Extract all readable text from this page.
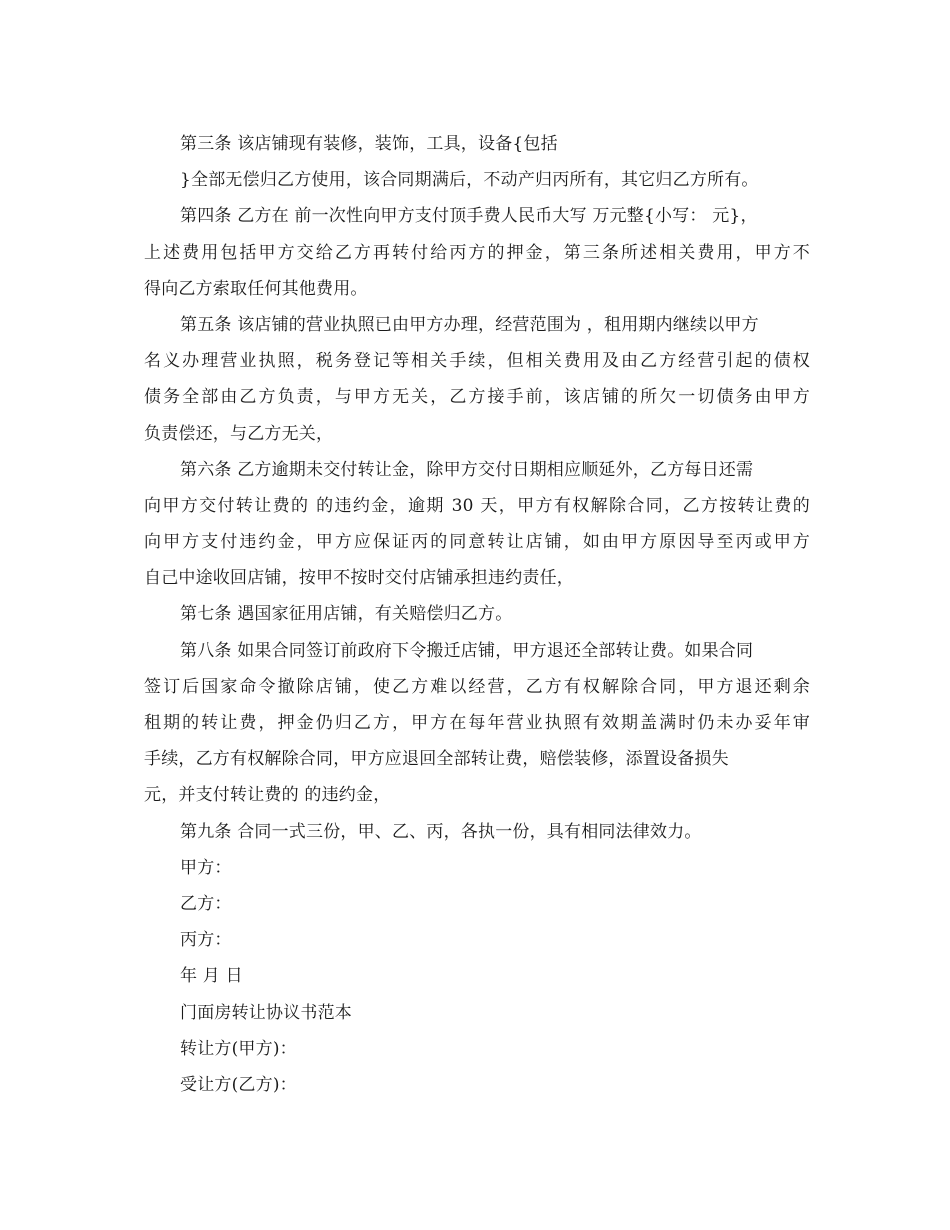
第三条 该店铺现有装修，装饰，工具，设备{包括
}全部无偿归乙方使用，该合同期满后，不动产归丙所有，其它归乙方所有。
第四条 乙方在 前一次性向甲方支付顶手费人民币大写 万元整{小写： 元}，
上述费用包括甲方交给乙方再转付给丙方的押金，第三条所述相关费用，甲方不
得向乙方索取任何其他费用。
第五条 该店铺的营业执照已由甲方办理，经营范围为 ，租用期内继续以甲方
名义办理营业执照，税务登记等相关手续，但相关费用及由乙方经营引起的债权
债务全部由乙方负责，与甲方无关，乙方接手前，该店铺的所欠一切债务由甲方
负责偿还，与乙方无关，
第六条 乙方逾期未交付转让金，除甲方交付日期相应顺延外，乙方每日还需
向甲方交付转让费的 的违约金，逾期 30 天，甲方有权解除合同，乙方按转让费的
向甲方支付违约金，甲方应保证丙的同意转让店铺，如由甲方原因导至丙或甲方
自己中途收回店铺，按甲不按时交付店铺承担违约责任，
第七条 遇国家征用店铺，有关赔偿归乙方。
第八条 如果合同签订前政府下令搬迁店铺，甲方退还全部转让费。如果合同
签订后国家命令撤除店铺，使乙方难以经营，乙方有权解除合同，甲方退还剩余
租期的转让费，押金仍归乙方，甲方在每年营业执照有效期盖满时仍未办妥年审
手续，乙方有权解除合同，甲方应退回全部转让费，赔偿装修，添置设备损失
元，并支付转让费的 的违约金，
第九条 合同一式三份，甲、乙、丙，各执一份，具有相同法律效力。
甲方：
乙方：
丙方：
年 月 日
门面房转让协议书范本
转让方(甲方)：
受让方(乙方)：
